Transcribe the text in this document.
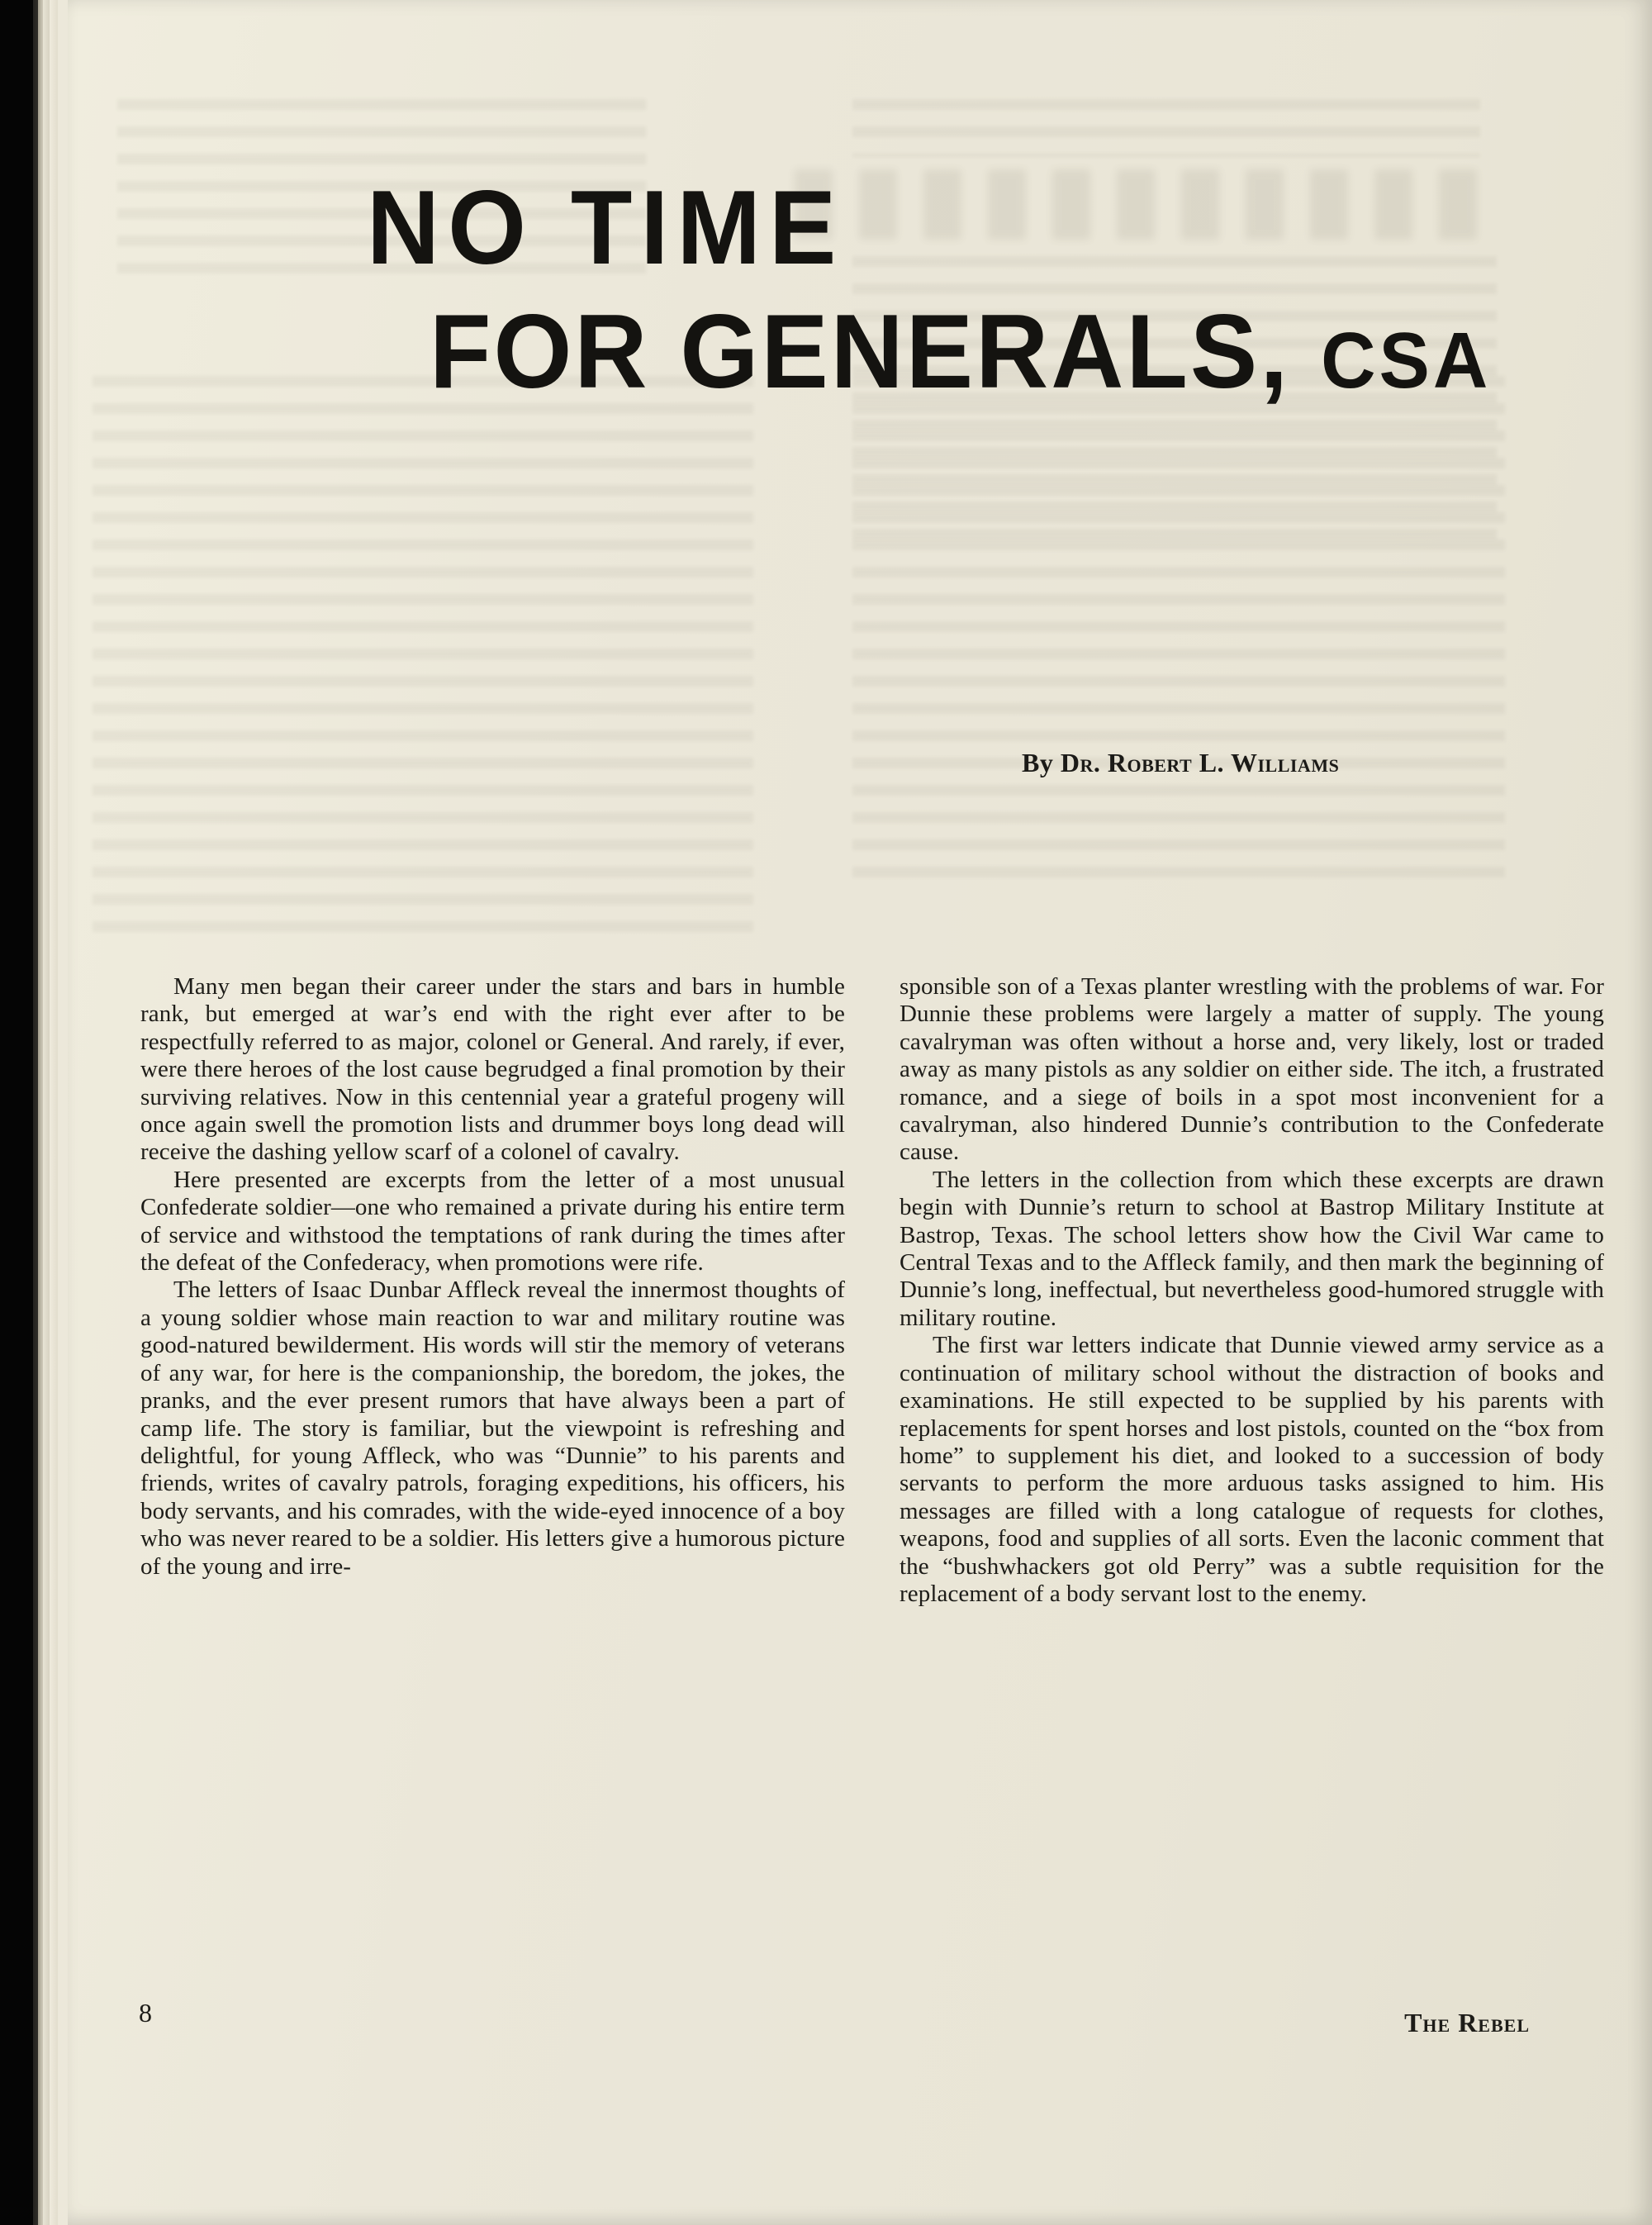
NO TIME
FOR GENERALS, CSA
By Dr. Robert L. Williams

Many men began their career under the stars and bars in humble rank, but emerged at war’s end with the right ever after to be respectfully referred to as major, colonel or General. And rarely, if ever, were there heroes of the lost cause begrudged a final promotion by their surviving relatives. Now in this centennial year a grateful progeny will once again swell the promotion lists and drummer boys long dead will receive the dashing yellow scarf of a colonel of cavalry.

Here presented are excerpts from the letter of a most unusual Confederate soldier—one who remained a private during his entire term of service and withstood the temptations of rank during the times after the defeat of the Confederacy, when promotions were rife.

The letters of Isaac Dunbar Affleck reveal the innermost thoughts of a young soldier whose main reaction to war and military routine was good-natured bewilderment. His words will stir the memory of veterans of any war, for here is the companionship, the boredom, the jokes, the pranks, and the ever present rumors that have always been a part of camp life. The story is familiar, but the viewpoint is refreshing and delightful, for young Affleck, who was “Dunnie” to his parents and friends, writes of cavalry patrols, foraging expeditions, his officers, his body servants, and his comrades, with the wide-eyed innocence of a boy who was never reared to be a soldier. His letters give a humorous picture of the young and irre-

sponsible son of a Texas planter wrestling with the problems of war. For Dunnie these problems were largely a matter of supply. The young cavalryman was often without a horse and, very likely, lost or traded away as many pistols as any soldier on either side. The itch, a frustrated romance, and a siege of boils in a spot most inconvenient for a cavalryman, also hindered Dunnie’s contribution to the Confederate cause.

The letters in the collection from which these excerpts are drawn begin with Dunnie’s return to school at Bastrop Military Institute at Bastrop, Texas. The school letters show how the Civil War came to Central Texas and to the Affleck family, and then mark the beginning of Dunnie’s long, ineffectual, but nevertheless good-humored struggle with military routine.

The first war letters indicate that Dunnie viewed army service as a continuation of military school without the distraction of books and examinations. He still expected to be supplied by his parents with replacements for spent horses and lost pistols, counted on the “box from home” to supplement his diet, and looked to a succession of body servants to perform the more arduous tasks assigned to him. His messages are filled with a long catalogue of requests for clothes, weapons, food and supplies of all sorts. Even the laconic comment that the “bushwhackers got old Perry” was a subtle requisition for the replacement of a body servant lost to the enemy.

8	The Rebel
